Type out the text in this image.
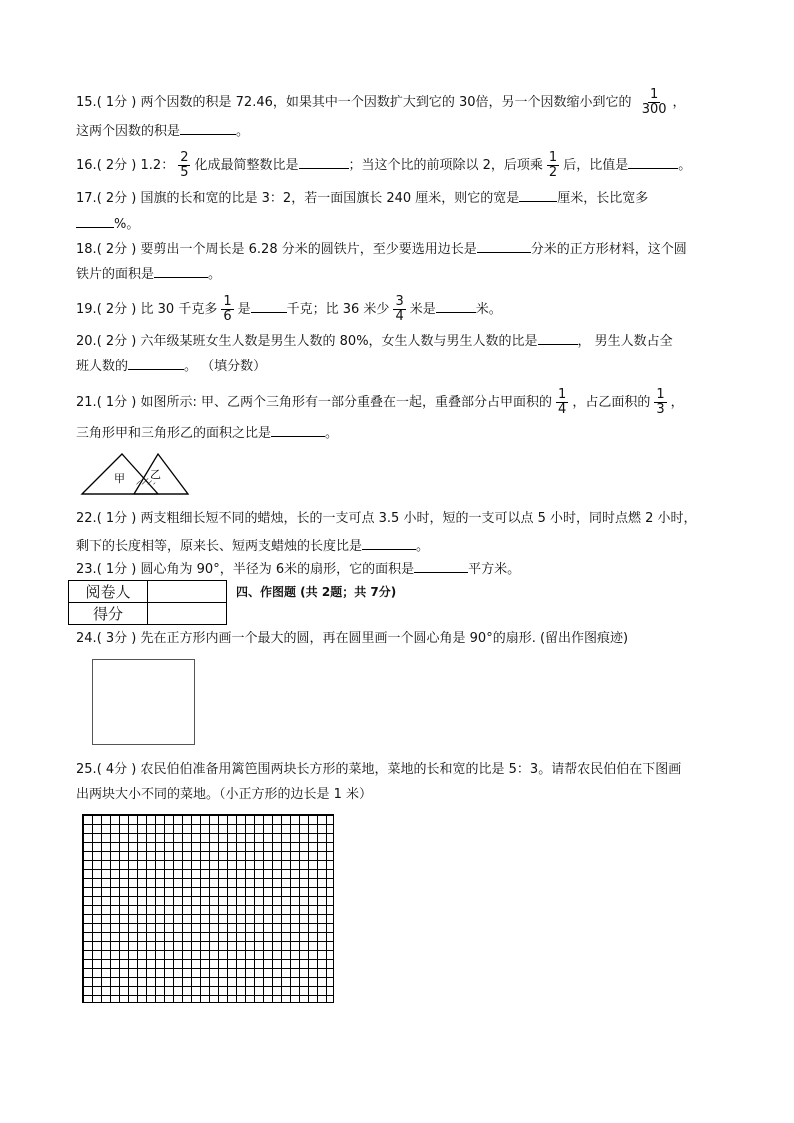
15.( 1分 ) 两个因数的积是 72.46，如果其中一个因数扩大到它的 30倍，另一个因数缩小到它的 $\frac{1}{300}$ ，
这两个因数的积是	。
16.( 2分 ) 1.2： $\frac{2}{5}$ 化成最简整数比是	；当这个比的前项除以 2，后项乘 $\frac{1}{2}$ 后，比值是	。
17.( 2分 ) 国旗的长和宽的比是 3：2，若一面国旗长 240 厘米，则它的宽是	厘米，长比宽多
%。
18.( 2分 ) 要剪出一个周长是 6.28 分米的圆铁片，至少要选用边长是	分米的正方形材料，这个圆
铁片的面积是	。
19.( 2分 ) 比 30 千克多 $\frac{1}{6}$ 是	千克；比 36 米少 $\frac{3}{4}$ 米是	米。
20.( 2分 ) 六年级某班女生人数是男生人数的 80%，女生人数与男生人数的比是	， 男生人数占全
班人数的	。 （填分数）
21.( 1分 ) 如图所示: 甲、乙两个三角形有一部分重叠在一起，重叠部分占甲面积的 $\frac{1}{4}$ ，占乙面积的 $\frac{1}{3}$ ，
三角形甲和三角形乙的面积之比是	。
甲 乙
22.( 1分 ) 两支粗细长短不同的蜡烛，长的一支可点 3.5 小时，短的一支可以点 5 小时，同时点燃 2 小时，
剩下的长度相等，原来长、短两支蜡烛的长度比是	。
23.( 1分 ) 圆心角为 90°，半径为 6米的扇形，它的面积是	平方米。
阅卷人	
得分	
四、作图题 (共 2题；共 7分)
24.( 3分 ) 先在正方形内画一个最大的圆，再在圆里画一个圆心角是 90°的扇形. (留出作图痕迹)
25.( 4分 ) 农民伯伯准备用篱笆围两块长方形的菜地，菜地的长和宽的比是 5：3。请帮农民伯伯在下图画
出两块大小不同的菜地。（小正方形的边长是 1 米）
